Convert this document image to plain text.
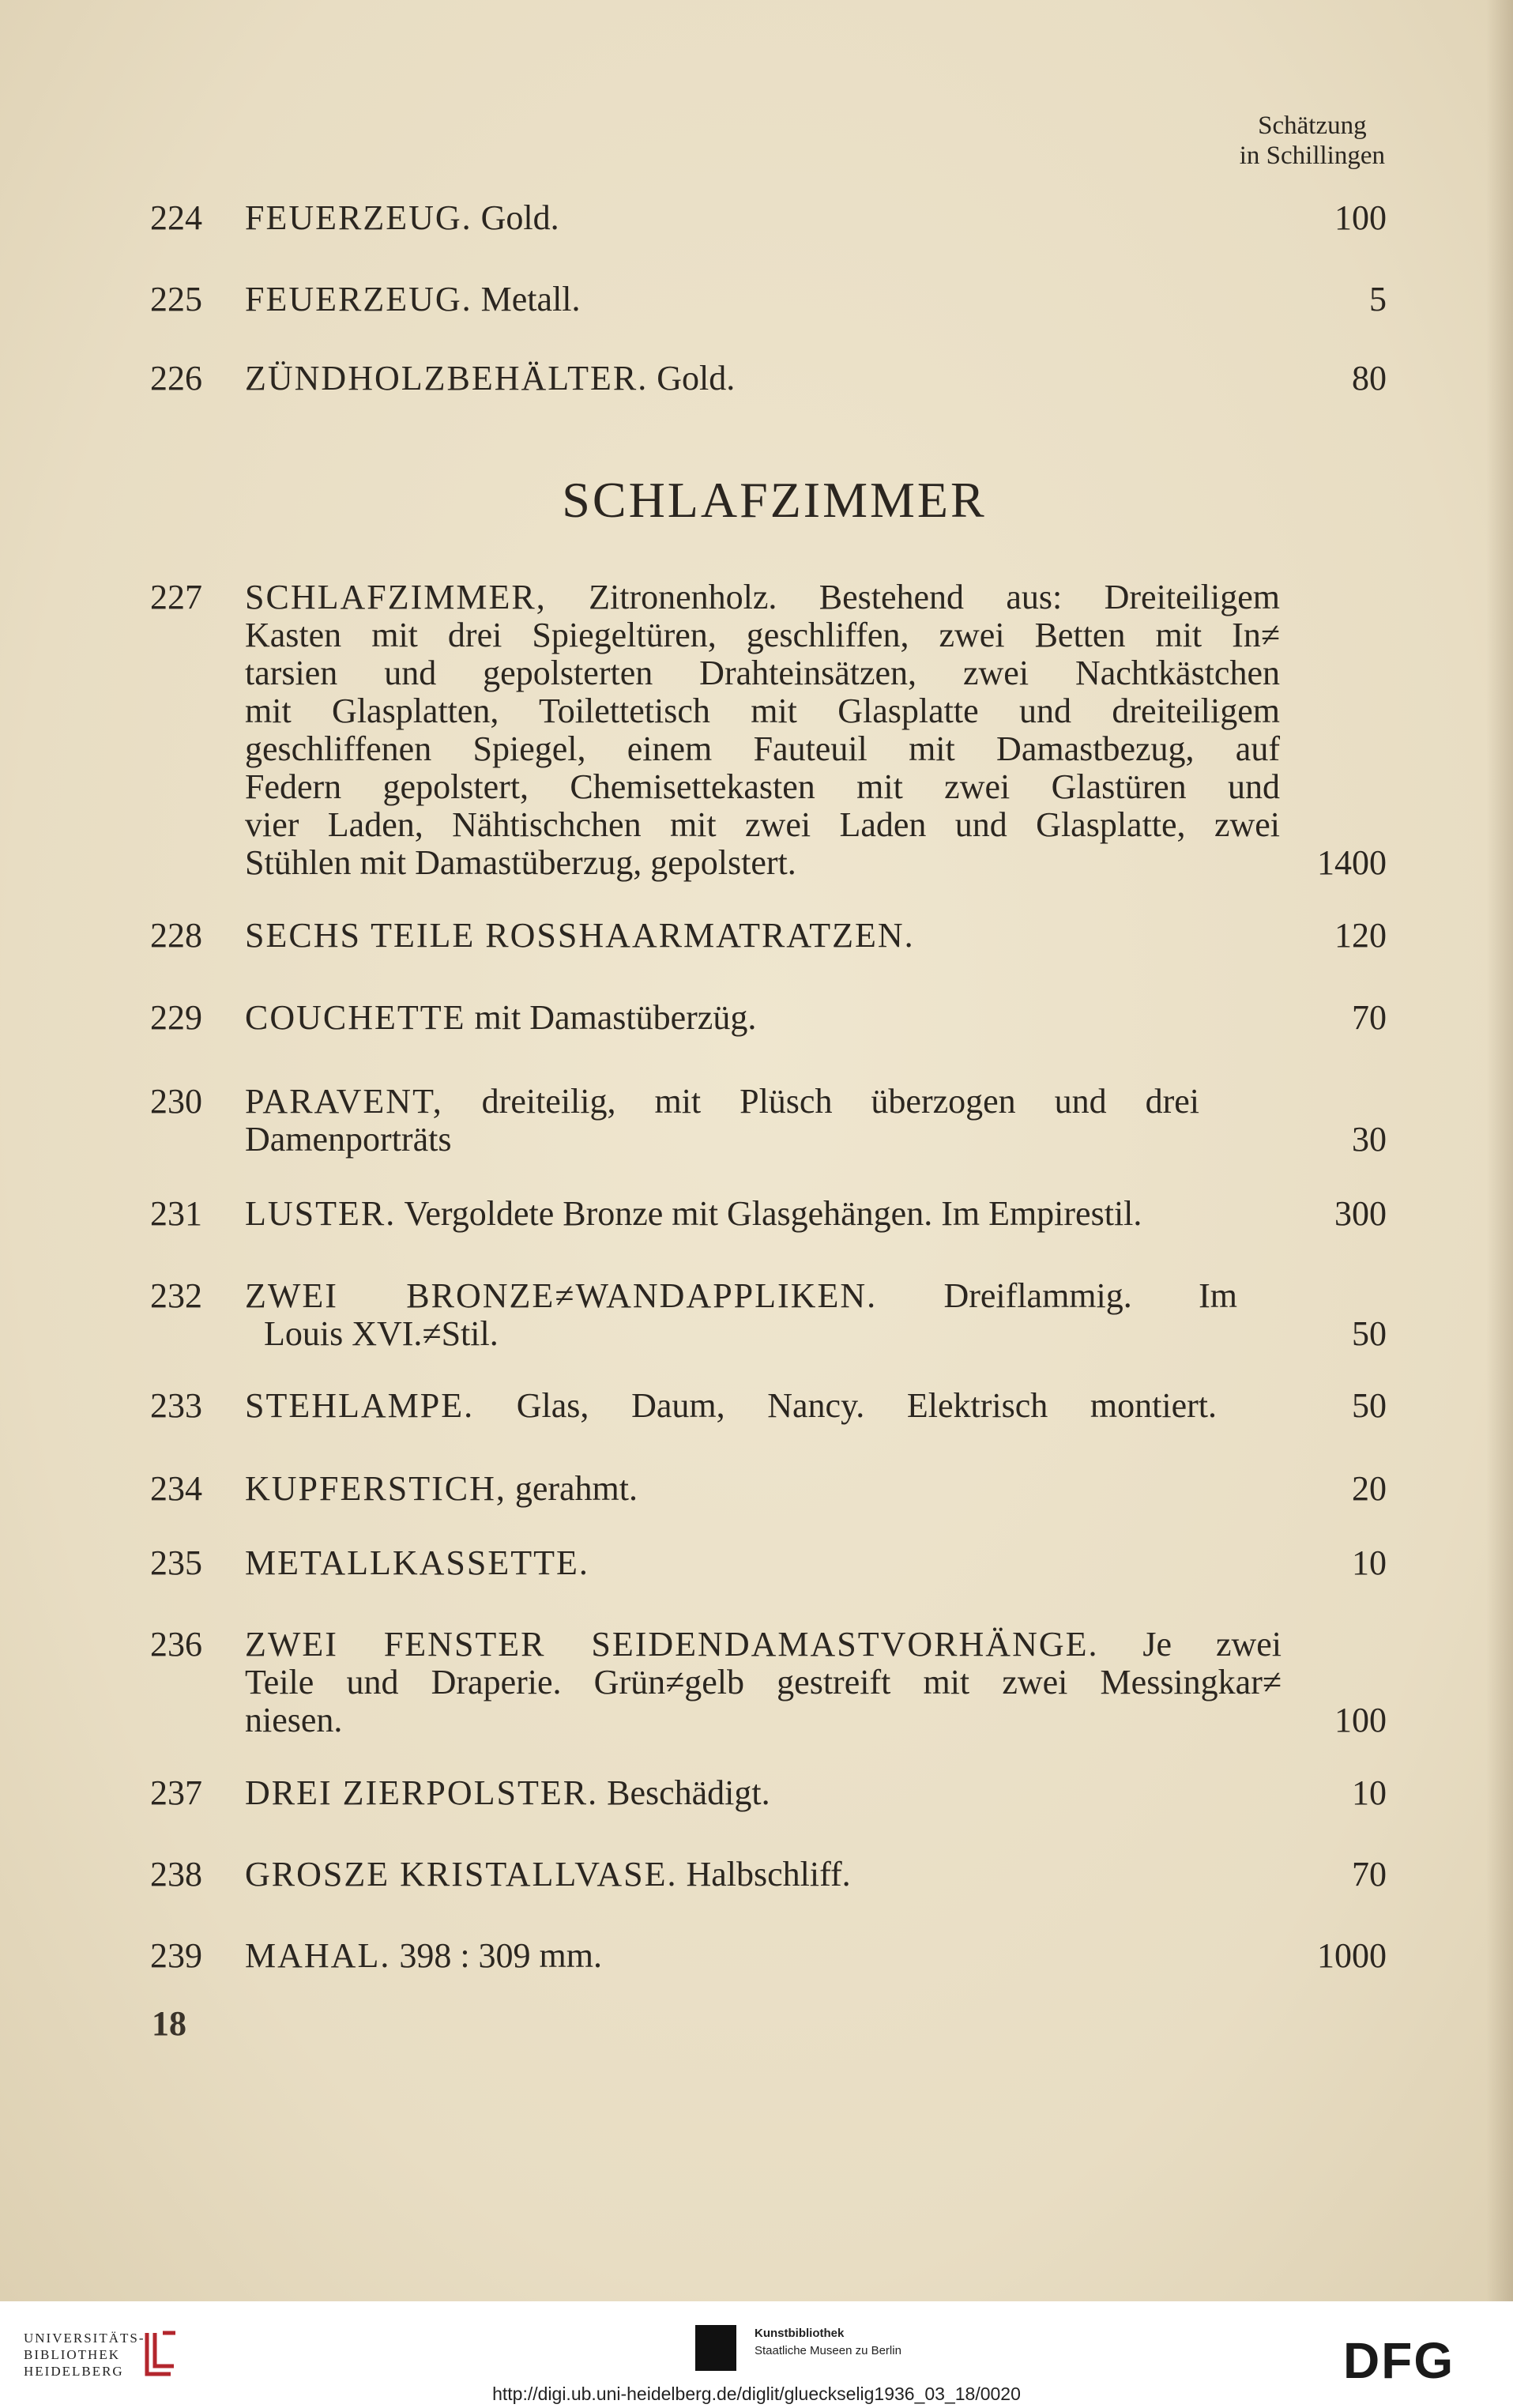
Schätzung
in Schillingen
224 FEUERZEUG. Gold.	100
225 FEUERZEUG. Metall.	5
226 ZÜNDHOLZBEHÄLTER. Gold.	80
SCHLAFZIMMER
227 SCHLAFZIMMER, Zitronenholz. Bestehend aus: Dreiteiligem
Kasten mit drei Spiegeltüren, geschliffen, zwei Betten mit In≠
tarsien und gepolsterten Drahteinsätzen, zwei Nachtkästchen
mit Glasplatten, Toilettetisch mit Glasplatte und dreiteiligem
geschliffenen Spiegel, einem Fauteuil mit Damastbezug, auf
Federn gepolstert, Chemisettekasten mit zwei Glastüren und
vier Laden, Nähtischchen mit zwei Laden und Glasplatte, zwei
Stühlen mit Damastüberzug, gepolstert.	1400
228 SECHS TEILE ROSSHAARMATRATZEN.	120
229 COUCHETTE mit Damastüberzüg.	70
230 PARAVENT, dreiteilig, mit Plüsch überzogen und drei
Damenporträts	30
231 LUSTER. Vergoldete Bronze mit Glasgehängen. Im Empirestil.	300
232 ZWEI BRONZE≠WANDAPPLIKEN. Dreiflammig. Im
Louis XVI.≠Stil.	50
233 STEHLAMPE. Glas, Daum, Nancy. Elektrisch montiert.	50
234 KUPFERSTICH, gerahmt.	20
235 METALLKASSETTE.	10
236 ZWEI FENSTER SEIDENDAMASTVORHÄNGE. Je zwei
Teile und Draperie. Grün≠gelb gestreift mit zwei Messingkar≠
niesen.	100
237 DREI ZIERPOLSTER. Beschädigt.	10
238 GROSZE KRISTALLVASE. Halbschliff.	70
239 MAHAL. 398 : 309 mm.	1000
18
UNIVERSITÄTS-
BIBLIOTHEK
HEIDELBERG
Kunstbibliothek
Staatliche Museen zu Berlin	DFG
http://digi.ub.uni-heidelberg.de/diglit/glueckselig1936_03_18/0020
